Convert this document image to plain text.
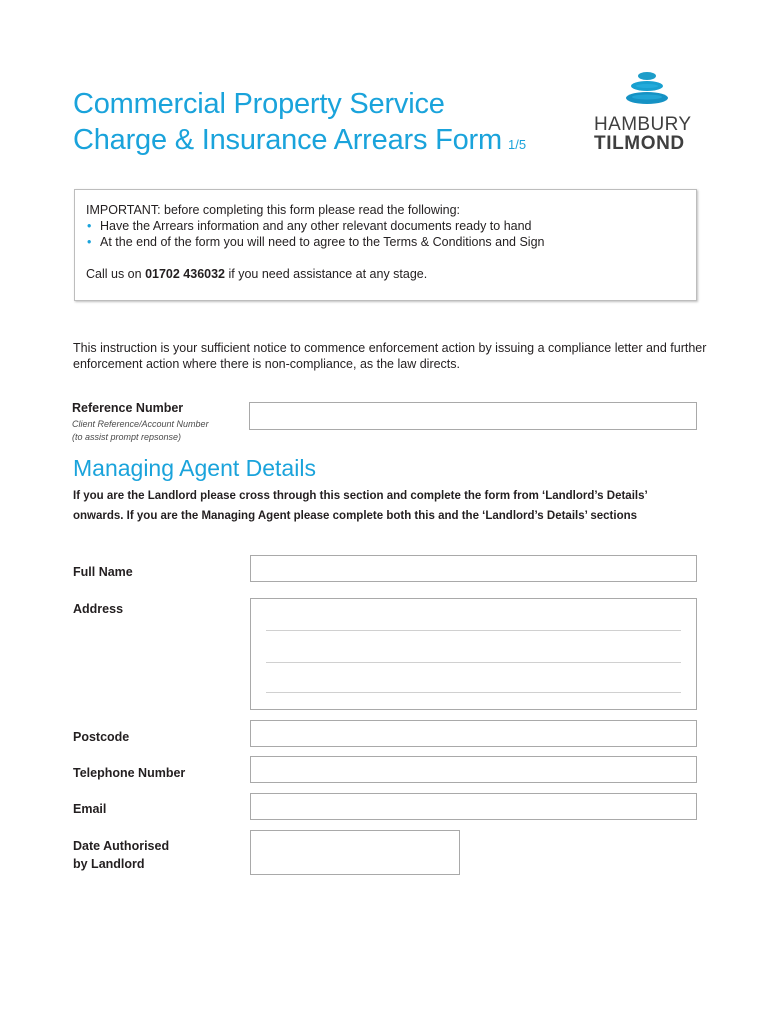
Commercial Property Service
Charge & Insurance Arrears Form 1/5
HAMBURY
TILMOND
IMPORTANT: before completing this form please read the following:
• Have the Arrears information and any other relevant documents ready to hand
• At the end of the form you will need to agree to the Terms & Conditions and Sign
Call us on 01702 436032 if you need assistance at any stage.
This instruction is your sufficient notice to commence enforcement action by issuing a compliance letter and further enforcement action where there is non-compliance, as the law directs.
Reference Number
Client Reference/Account Number
(to assist prompt repsonse)
Managing Agent Details
If you are the Landlord please cross through this section and complete the form from ‘Landlord’s Details’
onwards. If you are the Managing Agent please complete both this and the ‘Landlord’s Details’ sections
Full Name
Address
Postcode
Telephone Number
Email
Date Authorised
by Landlord
